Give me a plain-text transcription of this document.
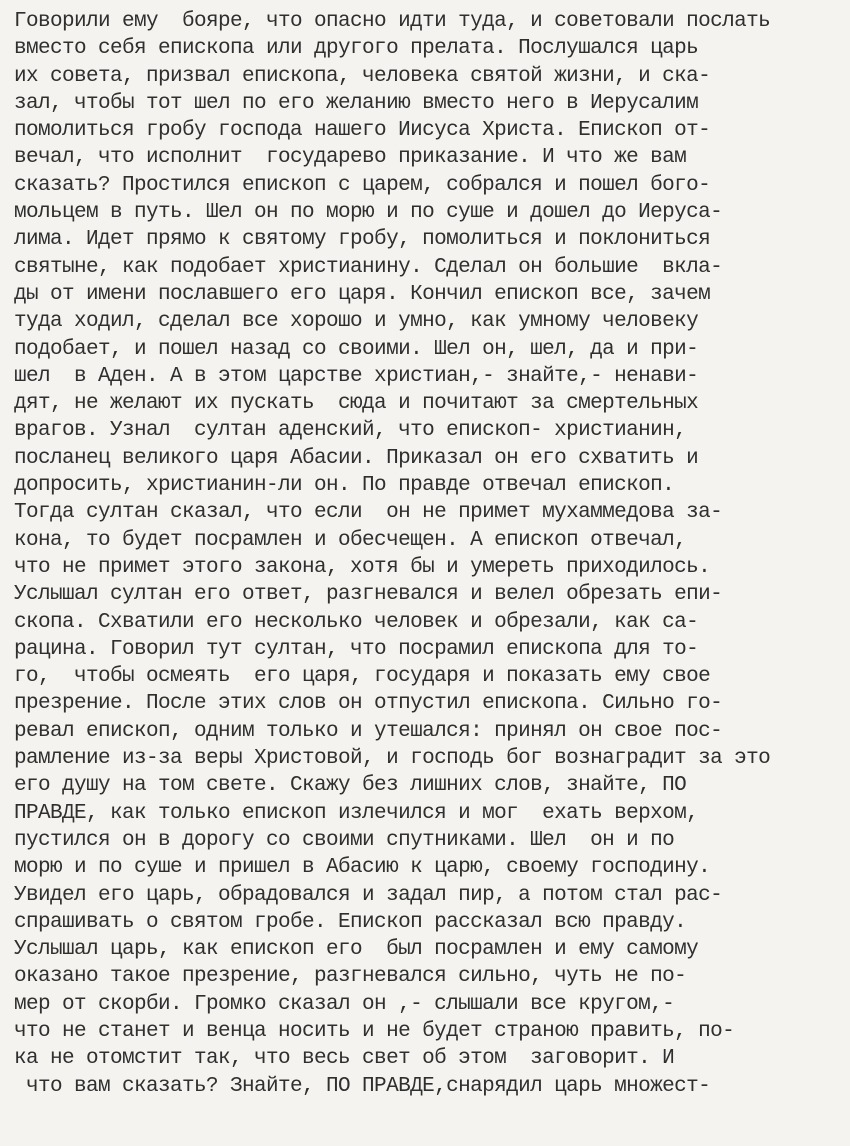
Говорили ему  бояре, что опасно идти туда, и советовали послать
вместо себя епископа или другого прелата. Послушался царь
их совета, призвал епископа, человека святой жизни, и ска-
зал, чтобы тот шел по его желанию вместо него в Иерусалим
помолиться гробу господа нашего Иисуса Христа. Епископ от-
вечал, что исполнит  государево приказание. И что же вам
сказать? Простился епископ с царем, собрался и пошел бого-
мольцем в путь. Шел он по морю и по суше и дошел до Иеруса-
лима. Идет прямо к святому гробу, помолиться и поклониться
святыне, как подобает христианину. Сделал он большие  вкла-
ды от имени пославшего его царя. Кончил епископ все, зачем
туда ходил, сделал все хорошо и умно, как умному человеку
подобает, и пошел назад со своими. Шел он, шел, да и при-
шел  в Аден. А в этом царстве христиан,- знайте,- ненави-
дят, не желают их пускать  сюда и почитают за смертельных
врагов. Узнал  султан аденский, что епископ- христианин,
посланец великого царя Абасии. Приказал он его схватить и
допросить, христианин-ли он. По правде отвечал епископ.
Тогда султан сказал, что если  он не примет мухаммедова за-
кона, то будет посрамлен и обесчещен. А епископ отвечал,
что не примет этого закона, хотя бы и умереть приходилось.
Услышал султан его ответ, разгневался и велел обрезать епи-
скопа. Схватили его несколько человек и обрезали, как са-
рацина. Говорил тут султан, что посрамил епископа для то-
го,  чтобы осмеять  его царя, государя и показать ему свое
презрение. После этих слов он отпустил епископа. Сильно го-
ревал епископ, одним только и утешался: принял он свое пос-
рамление из-за веры Христовой, и господь бог вознаградит за это
его душу на том свете. Скажу без лишних слов, знайте, ПО
ПРАВДЕ, как только епископ излечился и мог  ехать верхом,
пустился он в дорогу со своими спутниками. Шел  он и по
морю и по суше и пришел в Абасию к царю, своему господину.
Увидел его царь, обрадовался и задал пир, а потом стал рас-
спрашивать о святом гробе. Епископ рассказал всю правду.
Услышал царь, как епископ его  был посрамлен и ему самому
оказано такое презрение, разгневался сильно, чуть не по-
мер от скорби. Громко сказал он ,- слышали все кругом,-
что не станет и венца носить и не будет страною править, по-
ка не отомстит так, что весь свет об этом  заговорит. И
что вам сказать? Знайте, ПО ПРАВДЕ,снарядил царь множест-
